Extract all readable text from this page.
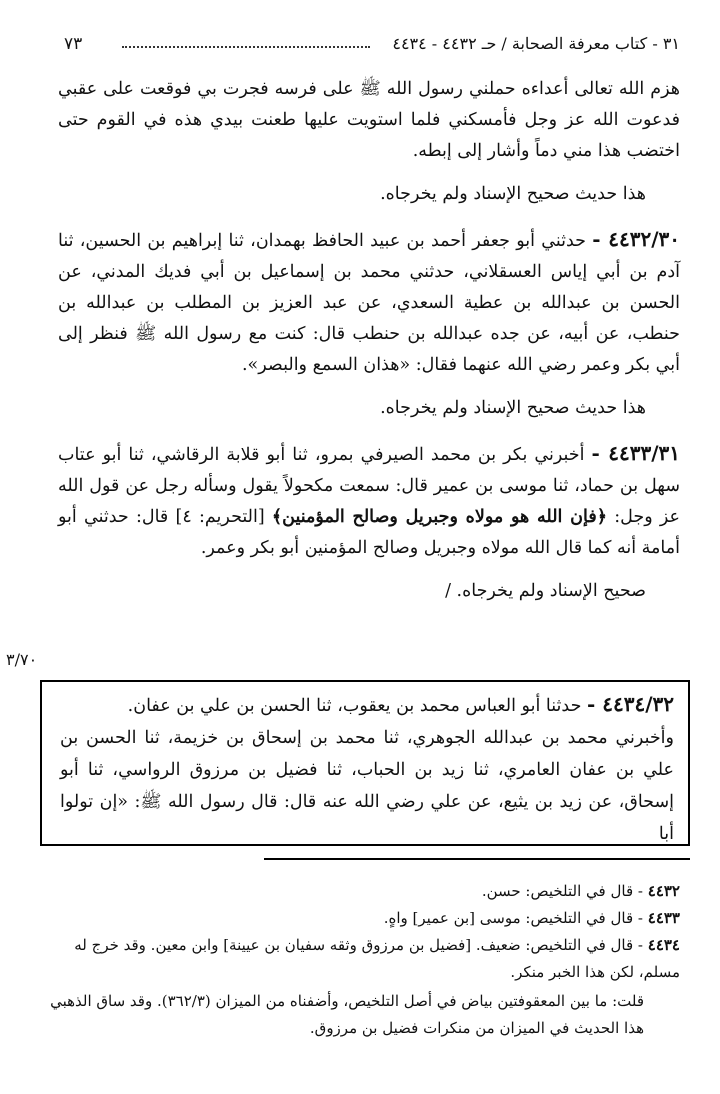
٣١ - كتاب معرفة الصحابة / حـ ٤٤٣٢ - ٤٤٣٤
٧٣

هزم الله تعالى أعداءه حملني رسول الله ﷺ على فرسه فجرت بي فوقعت على عقبي فدعوت الله عز وجل فأمسكني فلما استويت عليها طعنت بيدي هذه في القوم حتى اختضب هذا مني دماً وأشار إلى إبطه.

هذا حديث صحيح الإسناد ولم يخرجاه.

٤٤٣٢/٣٠ - حدثني أبو جعفر أحمد بن عبيد الحافظ بهمدان، ثنا إبراهيم بن الحسين، ثنا آدم بن أبي إياس العسقلاني، حدثني محمد بن إسماعيل بن أبي فديك المدني، عن الحسن بن عبدالله بن عطية السعدي، عن عبد العزيز بن المطلب بن عبدالله بن حنطب، عن أبيه، عن جده عبدالله بن حنطب قال: كنت مع رسول الله ﷺ فنظر إلى أبي بكر وعمر رضي الله عنهما فقال: «هذان السمع والبصر».

هذا حديث صحيح الإسناد ولم يخرجاه.

٤٤٣٣/٣١ - أخبرني بكر بن محمد الصيرفي بمرو، ثنا أبو قلابة الرقاشي، ثنا أبو عتاب سهل بن حماد، ثنا موسى بن عمير قال: سمعت مكحولاً يقول وسأله رجل عن قول الله عز وجل: ﴿فإن الله هو مولاه وجبريل وصالح المؤمنين﴾ [التحريم: ٤] قال: حدثني أبو أمامة أنه كما قال الله مولاه وجبريل وصالح المؤمنين أبو بكر وعمر.

صحيح الإسناد ولم يخرجاه. /

٣/٧٠

٤٤٣٤/٣٢ - حدثنا أبو العباس محمد بن يعقوب، ثنا الحسن بن علي بن عفان.

وأخبرني محمد بن عبدالله الجوهري، ثنا محمد بن إسحاق بن خزيمة، ثنا الحسن بن علي بن عفان العامري، ثنا زيد بن الحباب، ثنا فضيل بن مرزوق الرواسي، ثنا أبو إسحاق، عن زيد بن يثيع، عن علي رضي الله عنه قال: قال رسول الله ﷺ: «إن تولوا أبا

٤٤٣٢ - قال في التلخيص: حسن.

٤٤٣٣ - قال في التلخيص: موسى [بن عمير] واهٍ.

٤٤٣٤ - قال في التلخيص: ضعيف. [فضيل بن مرزوق وثقه سفيان بن عيينة] وابن معين. وقد خرج له مسلم، لكن هذا الخبر منكر.

قلت: ما بين المعقوفتين بياض في أصل التلخيص، وأضفناه من الميزان (٣٦٢/٣). وقد ساق الذهبي هذا الحديث في الميزان من منكرات فضيل بن مرزوق.
